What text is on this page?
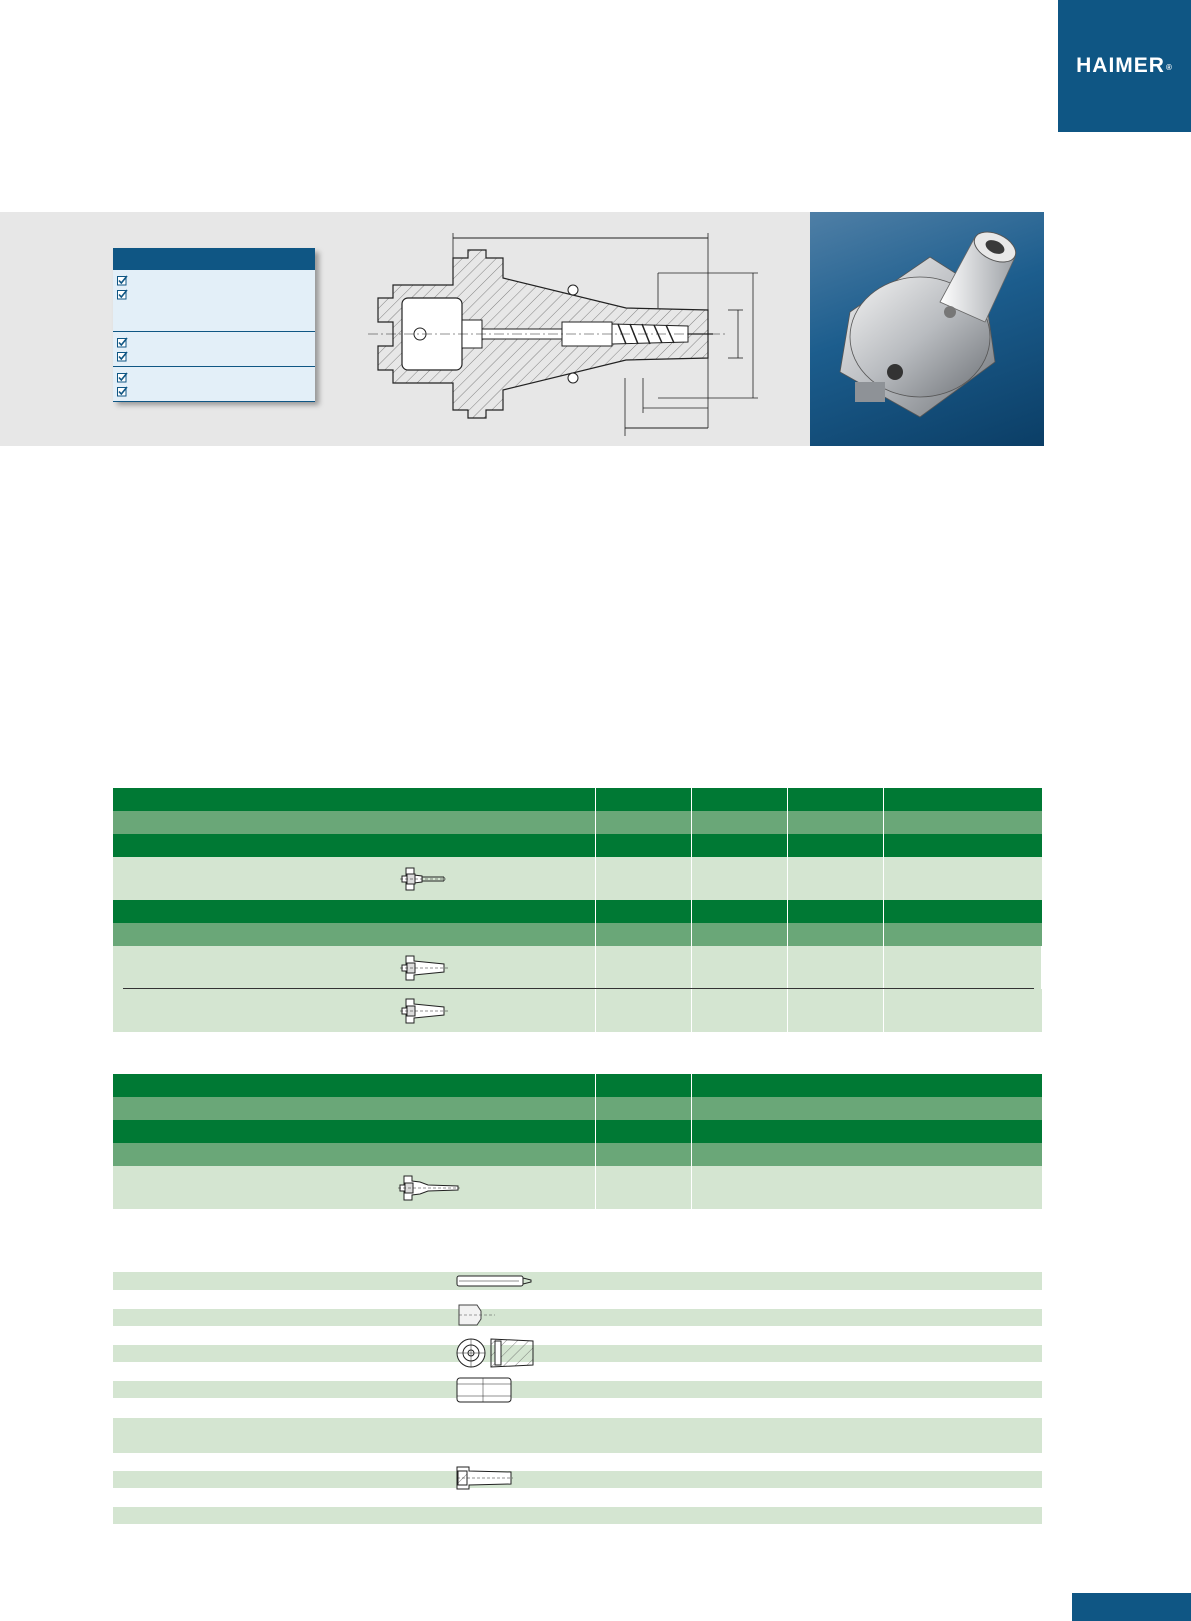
HAIMER®
